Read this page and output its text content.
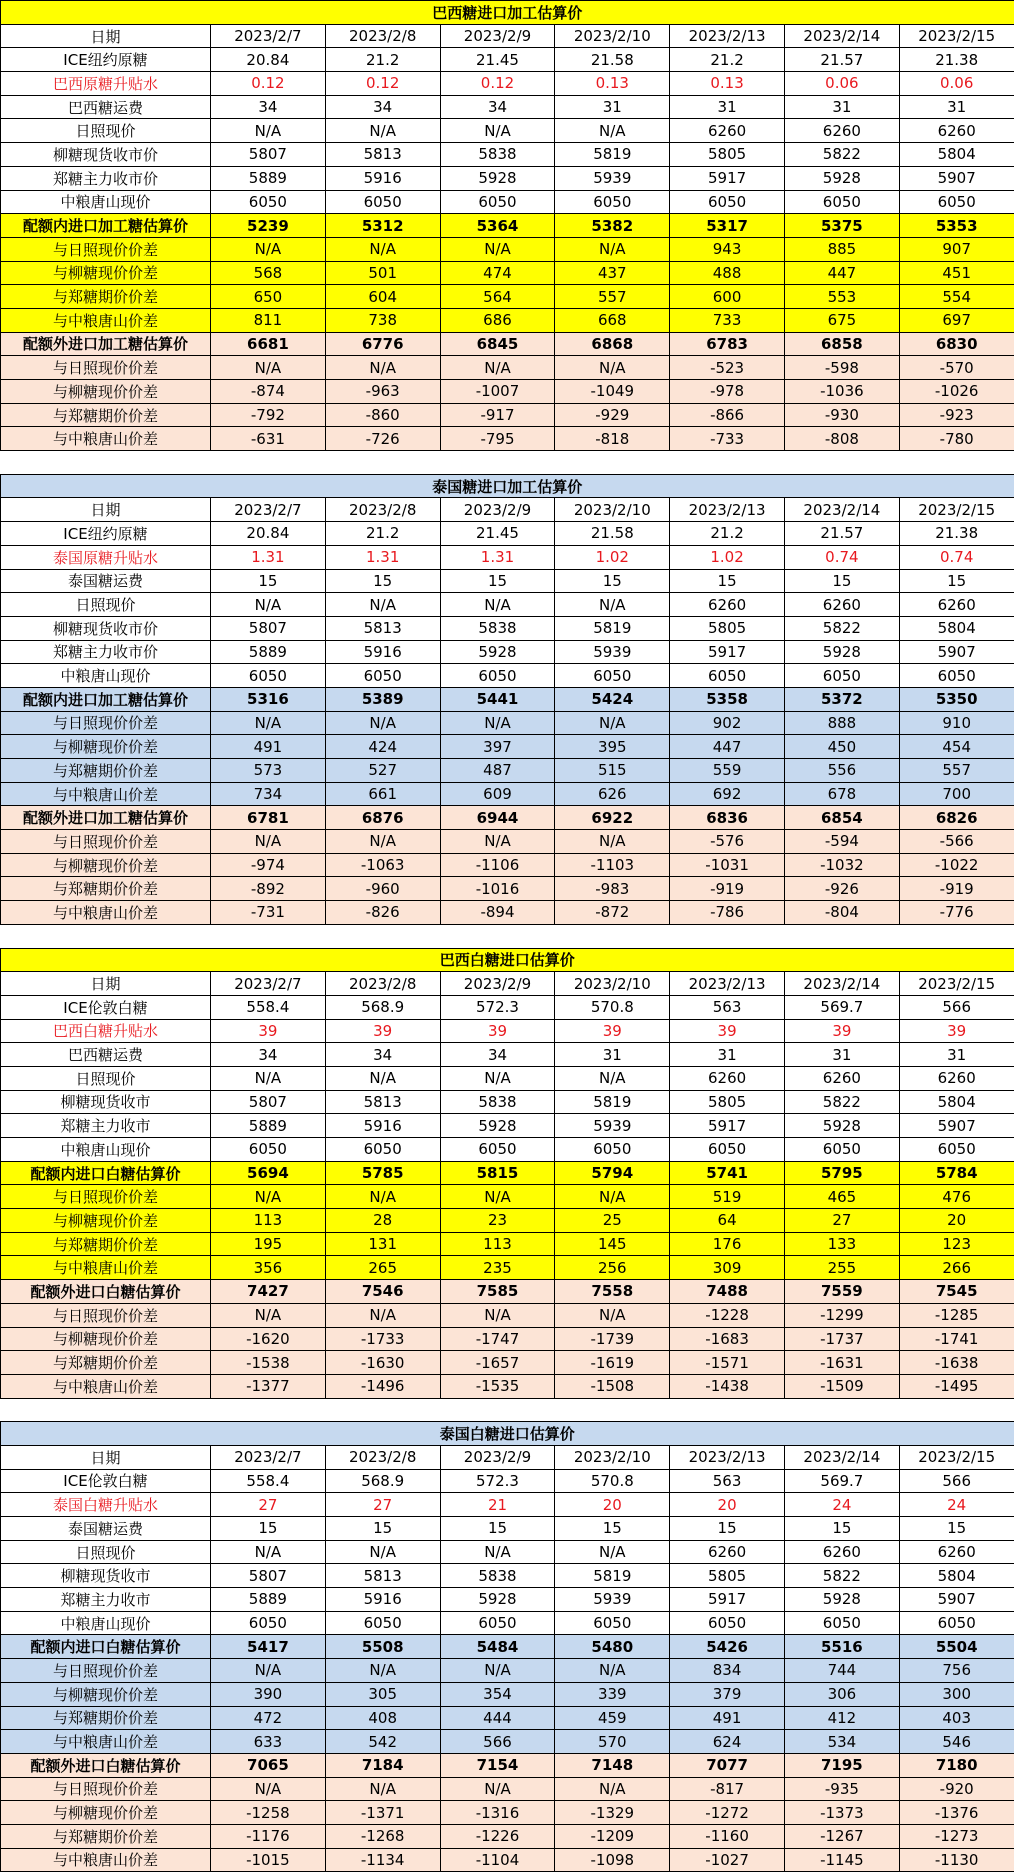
巴西糖进口加工估算价							
日期	2023/2/7	2023/2/8	2023/2/9	2023/2/10	2023/2/13	2023/2/14	2023/2/15
ICE纽约原糖	20.84	21.2	21.45	21.58	21.2	21.57	21.38
巴西原糖升贴水	0.12	0.12	0.12	0.13	0.13	0.06	0.06
巴西糖运费	34	34	34	31	31	31	31
日照现价	N/A	N/A	N/A	N/A	6260	6260	6260
柳糖现货收市价	5807	5813	5838	5819	5805	5822	5804
郑糖主力收市价	5889	5916	5928	5939	5917	5928	5907
中粮唐山现价	6050	6050	6050	6050	6050	6050	6050
配额内进口加工糖估算价	5239	5312	5364	5382	5317	5375	5353
与日照现价价差	N/A	N/A	N/A	N/A	943	885	907
与柳糖现价价差	568	501	474	437	488	447	451
与郑糖期价价差	650	604	564	557	600	553	554
与中粮唐山价差	811	738	686	668	733	675	697
配额外进口加工糖估算价	6681	6776	6845	6868	6783	6858	6830
与日照现价价差	N/A	N/A	N/A	N/A	-523	-598	-570
与柳糖现价价差	-874	-963	-1007	-1049	-978	-1036	-1026
与郑糖期价价差	-792	-860	-917	-929	-866	-930	-923
与中粮唐山价差	-631	-726	-795	-818	-733	-808	-780

泰国糖进口加工估算价							
日期	2023/2/7	2023/2/8	2023/2/9	2023/2/10	2023/2/13	2023/2/14	2023/2/15
ICE纽约原糖	20.84	21.2	21.45	21.58	21.2	21.57	21.38
泰国原糖升贴水	1.31	1.31	1.31	1.02	1.02	0.74	0.74
泰国糖运费	15	15	15	15	15	15	15
日照现价	N/A	N/A	N/A	N/A	6260	6260	6260
柳糖现货收市价	5807	5813	5838	5819	5805	5822	5804
郑糖主力收市价	5889	5916	5928	5939	5917	5928	5907
中粮唐山现价	6050	6050	6050	6050	6050	6050	6050
配额内进口加工糖估算价	5316	5389	5441	5424	5358	5372	5350
与日照现价价差	N/A	N/A	N/A	N/A	902	888	910
与柳糖现价价差	491	424	397	395	447	450	454
与郑糖期价价差	573	527	487	515	559	556	557
与中粮唐山价差	734	661	609	626	692	678	700
配额外进口加工糖估算价	6781	6876	6944	6922	6836	6854	6826
与日照现价价差	N/A	N/A	N/A	N/A	-576	-594	-566
与柳糖现价价差	-974	-1063	-1106	-1103	-1031	-1032	-1022
与郑糖期价价差	-892	-960	-1016	-983	-919	-926	-919
与中粮唐山价差	-731	-826	-894	-872	-786	-804	-776

巴西白糖进口估算价							
日期	2023/2/7	2023/2/8	2023/2/9	2023/2/10	2023/2/13	2023/2/14	2023/2/15
ICE伦敦白糖	558.4	568.9	572.3	570.8	563	569.7	566
巴西白糖升贴水	39	39	39	39	39	39	39
巴西糖运费	34	34	34	31	31	31	31
日照现价	N/A	N/A	N/A	N/A	6260	6260	6260
柳糖现货收市	5807	5813	5838	5819	5805	5822	5804
郑糖主力收市	5889	5916	5928	5939	5917	5928	5907
中粮唐山现价	6050	6050	6050	6050	6050	6050	6050
配额内进口白糖估算价	5694	5785	5815	5794	5741	5795	5784
与日照现价价差	N/A	N/A	N/A	N/A	519	465	476
与柳糖现价价差	113	28	23	25	64	27	20
与郑糖期价价差	195	131	113	145	176	133	123
与中粮唐山价差	356	265	235	256	309	255	266
配额外进口白糖估算价	7427	7546	7585	7558	7488	7559	7545
与日照现价价差	N/A	N/A	N/A	N/A	-1228	-1299	-1285
与柳糖现价价差	-1620	-1733	-1747	-1739	-1683	-1737	-1741
与郑糖期价价差	-1538	-1630	-1657	-1619	-1571	-1631	-1638
与中粮唐山价差	-1377	-1496	-1535	-1508	-1438	-1509	-1495

泰国白糖进口估算价							
日期	2023/2/7	2023/2/8	2023/2/9	2023/2/10	2023/2/13	2023/2/14	2023/2/15
ICE伦敦白糖	558.4	568.9	572.3	570.8	563	569.7	566
泰国白糖升贴水	27	27	21	20	20	24	24
泰国糖运费	15	15	15	15	15	15	15
日照现价	N/A	N/A	N/A	N/A	6260	6260	6260
柳糖现货收市	5807	5813	5838	5819	5805	5822	5804
郑糖主力收市	5889	5916	5928	5939	5917	5928	5907
中粮唐山现价	6050	6050	6050	6050	6050	6050	6050
配额内进口白糖估算价	5417	5508	5484	5480	5426	5516	5504
与日照现价价差	N/A	N/A	N/A	N/A	834	744	756
与柳糖现价价差	390	305	354	339	379	306	300
与郑糖期价价差	472	408	444	459	491	412	403
与中粮唐山价差	633	542	566	570	624	534	546
配额外进口白糖估算价	7065	7184	7154	7148	7077	7195	7180
与日照现价价差	N/A	N/A	N/A	N/A	-817	-935	-920
与柳糖现价价差	-1258	-1371	-1316	-1329	-1272	-1373	-1376
与郑糖期价价差	-1176	-1268	-1226	-1209	-1160	-1267	-1273
与中粮唐山价差	-1015	-1134	-1104	-1098	-1027	-1145	-1130
